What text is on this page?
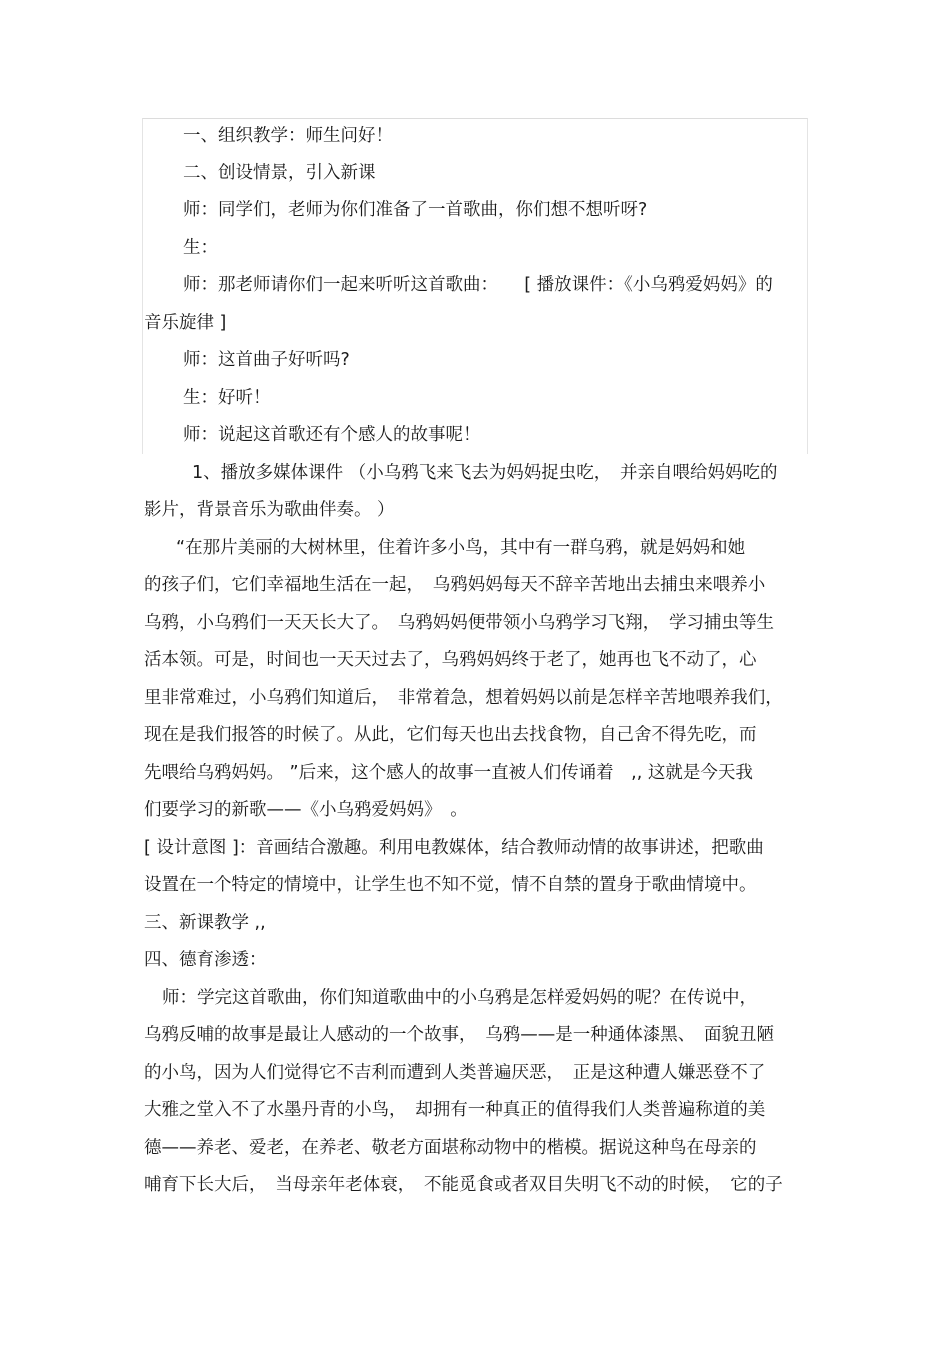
一、组织教学：师生问好！
二、创设情景，引入新课
师：同学们，老师为你们准备了一首歌曲，你们想不想听呀?
生：
师：那老师请你们一起来听听这首歌曲：　　[ 播放课件：《小乌鸦爱妈妈》的
音乐旋律 ]
师：这首曲子好听吗?
生：好听！
师：说起这首歌还有个感人的故事呢！
1、播放多媒体课件 （小乌鸦飞来飞去为妈妈捉虫吃，　并亲自喂给妈妈吃的
影片，背景音乐为歌曲伴奏。 ）
“在那片美丽的大树林里，住着许多小鸟，其中有一群乌鸦，就是妈妈和她
的孩子们，它们幸福地生活在一起，　乌鸦妈妈每天不辞辛苦地出去捕虫来喂养小
乌鸦，小乌鸦们一天天长大了。　乌鸦妈妈便带领小乌鸦学习飞翔，　学习捕虫等生
活本领。可是，时间也一天天过去了，乌鸦妈妈终于老了，她再也飞不动了，心
里非常难过，小乌鸦们知道后，　非常着急，想着妈妈以前是怎样辛苦地喂养我们，
现在是我们报答的时候了。从此，它们每天也出去找食物，自己舍不得先吃，而
先喂给乌鸦妈妈。 ”后来，这个感人的故事一直被人们传诵着　,, 这就是今天我
们要学习的新歌——《小乌鸦爱妈妈》　。
[ 设计意图 ]：音画结合激趣。利用电教媒体，结合教师动情的故事讲述，把歌曲
设置在一个特定的情境中，让学生也不知不觉，情不自禁的置身于歌曲情境中。
三、新课教学 ,,
四、德育渗透：
师：学完这首歌曲，你们知道歌曲中的小乌鸦是怎样爱妈妈的呢？在传说中，
乌鸦反哺的故事是最让人感动的一个故事，　乌鸦——是一种通体漆黑、　面貌丑陋
的小鸟，因为人们觉得它不吉利而遭到人类普遍厌恶，　正是这种遭人嫌恶登不了
大雅之堂入不了水墨丹青的小鸟，　却拥有一种真正的值得我们人类普遍称道的美
德——养老、爱老，在养老、敬老方面堪称动物中的楷模。据说这种鸟在母亲的
哺育下长大后，　当母亲年老体衰，　不能觅食或者双目失明飞不动的时候，　它的子
